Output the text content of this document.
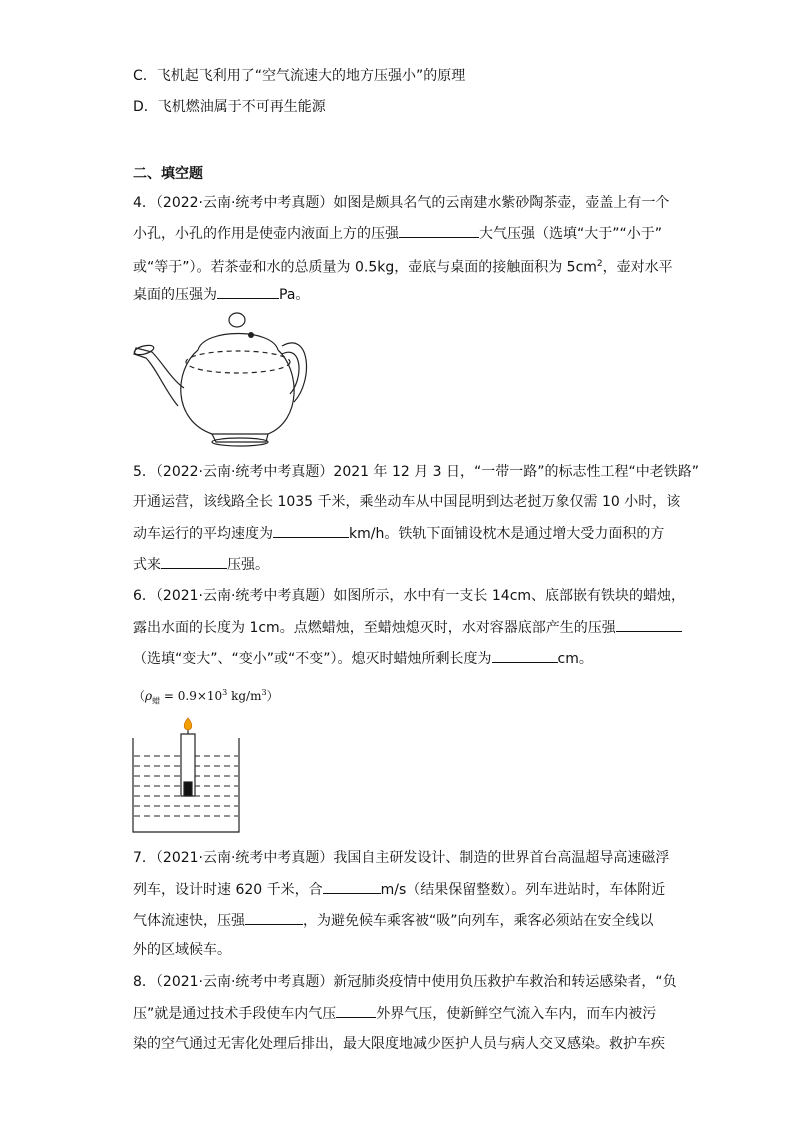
C．飞机起飞利用了“空气流速大的地方压强小”的原理
D．飞机燃油属于不可再生能源
二、填空题
4．（2022·云南·统考中考真题）如图是颇具名气的云南建水紫砂陶茶壶，壶盖上有一个
小孔，小孔的作用是使壶内液面上方的压强	大气压强（选填“大于”“小于”
或“等于”）。若茶壶和水的总质量为 0.5kg，壶底与桌面的接触面积为 $5cm^2$，壶对水平
桌面的压强为	Pa。
5．（2022·云南·统考中考真题）2021 年 12 月 3 日，“一带一路”的标志性工程“中老铁路”
开通运营，该线路全长 1035 千米，乘坐动车从中国昆明到达老挝万象仅需 10 小时，该
动车运行的平均速度为	km/h。铁轨下面铺设枕木是通过增大受力面积的方
式来	压强。
6．（2021·云南·统考中考真题）如图所示，水中有一支长 14cm、底部嵌有铁块的蜡烛，
露出水面的长度为 1cm。点燃蜡烛，至蜡烛熄灭时，水对容器底部产生的压强
（选填“变大”、“变小”或“不变”）。熄灭时蜡烛所剩长度为	cm。
（$\rho_蜡 = 0.9\times 10^3$ $kg/m^3$）
7．（2021·云南·统考中考真题）我国自主研发设计、制造的世界首台高温超导高速磁浮
列车，设计时速 620 千米，合	m/s（结果保留整数）。列车进站时，车体附近
气体流速快，压强	，为避免候车乘客被“吸”向列车，乘客必须站在安全线以
外的区域候车。
8．（2021·云南·统考中考真题）新冠肺炎疫情中使用负压救护车救治和转运感染者，“负
压”就是通过技术手段使车内气压	外界气压，使新鲜空气流入车内，而车内被污
染的空气通过无害化处理后排出，最大限度地减少医护人员与病人交叉感染。救护车疾
